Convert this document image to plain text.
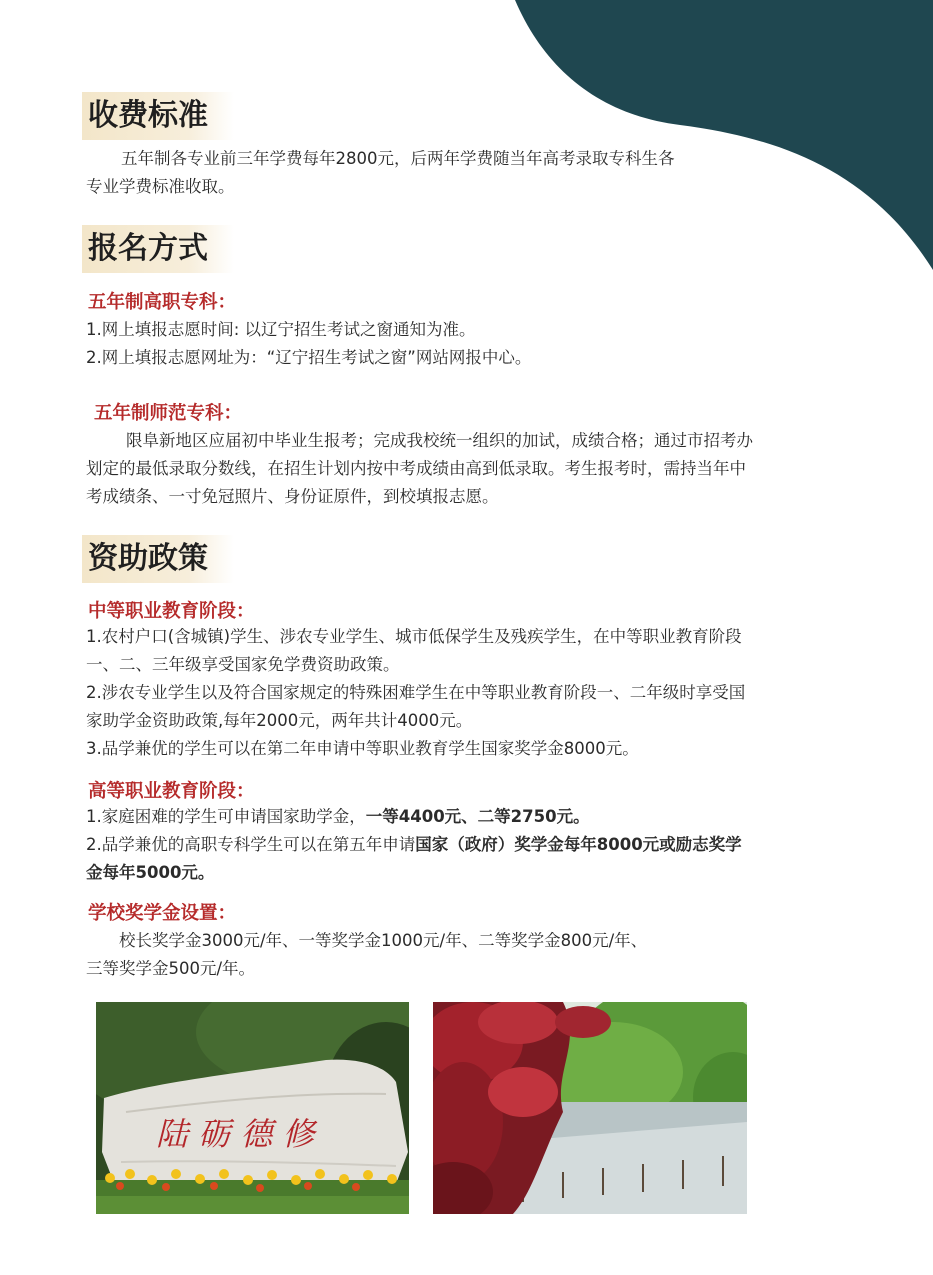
收费标准
五年制各专业前三年学费每年2800元，后两年学费随当年高考录取专科生各
专业学费标准收取。
报名方式
五年制高职专科：
1.网上填报志愿时间: 以辽宁招生考试之窗通知为准。
2.网上填报志愿网址为：“辽宁招生考试之窗”网站网报中心。
五年制师范专科：
限阜新地区应届初中毕业生报考；完成我校统一组织的加试，成绩合格；通过市招考办
划定的最低录取分数线，在招生计划内按中考成绩由高到低录取。考生报考时，需持当年中
考成绩条、一寸免冠照片、身份证原件，到校填报志愿。
资助政策
中等职业教育阶段：
1.农村户口(含城镇)学生、涉农专业学生、城市低保学生及残疾学生，在中等职业教育阶段
一、二、三年级享受国家免学费资助政策。
2.涉农专业学生以及符合国家规定的特殊困难学生在中等职业教育阶段一、二年级时享受国
家助学金资助政策,每年2000元，两年共计4000元。
3.品学兼优的学生可以在第二年申请中等职业教育学生国家奖学金8000元。
高等职业教育阶段：
1.家庭困难的学生可申请国家助学金，一等4400元、二等2750元。
2.品学兼优的高职专科学生可以在第五年申请国家（政府）奖学金每年8000元或励志奖学
金每年5000元。
学校奖学金设置：
校长奖学金3000元/年、一等奖学金1000元/年、二等奖学金800元/年、
三等奖学金500元/年。
陆 砺 德 修
